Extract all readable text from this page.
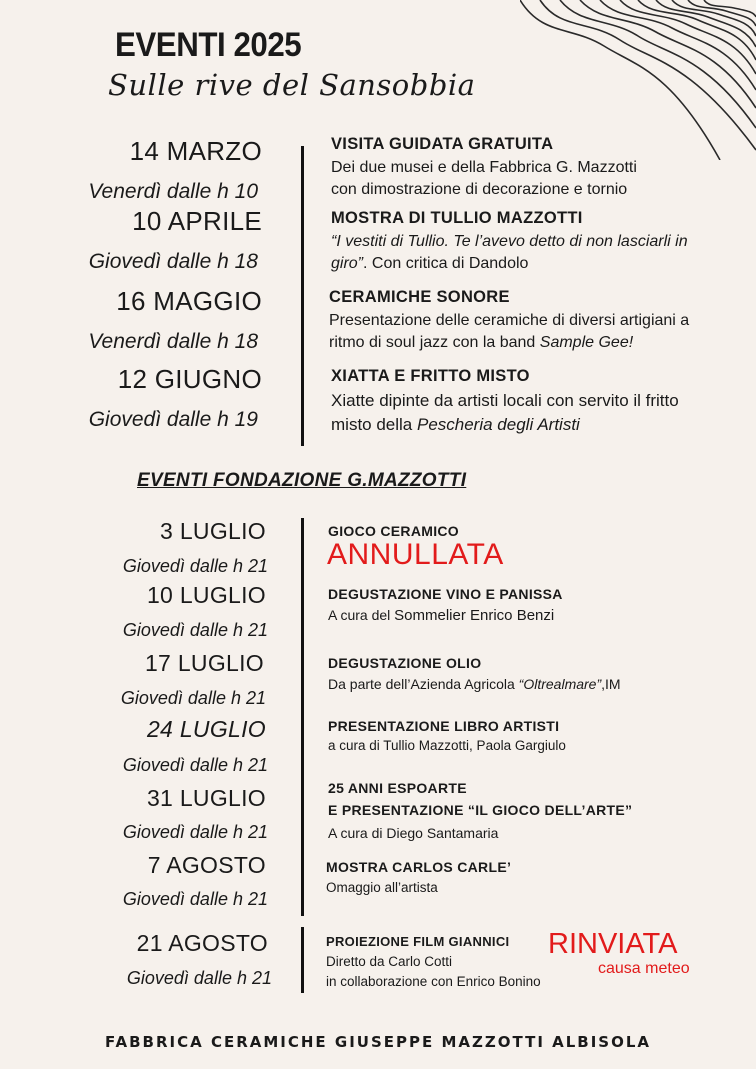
EVENTI 2025
Sulle rive del Sansobbia
14 MARZO
Venerdì dalle h 10
VISITA GUIDATA GRATUITA
Dei due musei e della Fabbrica G. Mazzotti
con dimostrazione di decorazione e tornio
10 APRILE
Giovedì dalle h 18
MOSTRA DI TULLIO MAZZOTTI
“I vestiti di Tullio. Te l’avevo detto di non lasciarli in
giro”. Con critica di Dandolo
16 MAGGIO
Venerdì dalle h 18
CERAMICHE SONORE
Presentazione delle ceramiche di diversi artigiani a
ritmo di soul jazz con la band Sample Gee!
12 GIUGNO
Giovedì dalle h 19
XIATTA E FRITTO MISTO
Xiatte dipinte da artisti locali con servito il fritto
misto della Pescheria degli Artisti
EVENTI FONDAZIONE G.MAZZOTTI
3 LUGLIO
Giovedì dalle h 21
GIOCO CERAMICO
ANNULLATA
10 LUGLIO
Giovedì dalle h 21
DEGUSTAZIONE VINO E PANISSA
A cura del Sommelier Enrico Benzi
17 LUGLIO
Giovedì dalle h 21
DEGUSTAZIONE OLIO
Da parte dell’Azienda Agricola “Oltrealmare”,IM
24 LUGLIO
Giovedì dalle h 21
PRESENTAZIONE LIBRO ARTISTI
a cura di Tullio Mazzotti, Paola Gargiulo
31 LUGLIO
Giovedì dalle h 21
25 ANNI ESPOARTE
E PRESENTAZIONE “IL GIOCO DELL’ARTE”
A cura di Diego Santamaria
7 AGOSTO
Giovedì dalle h 21
MOSTRA CARLOS CARLE’
Omaggio all’artista
21 AGOSTO
Giovedì dalle h 21
PROIEZIONE FILM GIANNICI
Diretto da Carlo Cotti
in collaborazione con Enrico Bonino
RINVIATA
causa meteo
FABBRICA CERAMICHE GIUSEPPE MAZZOTTI ALBISOLA
